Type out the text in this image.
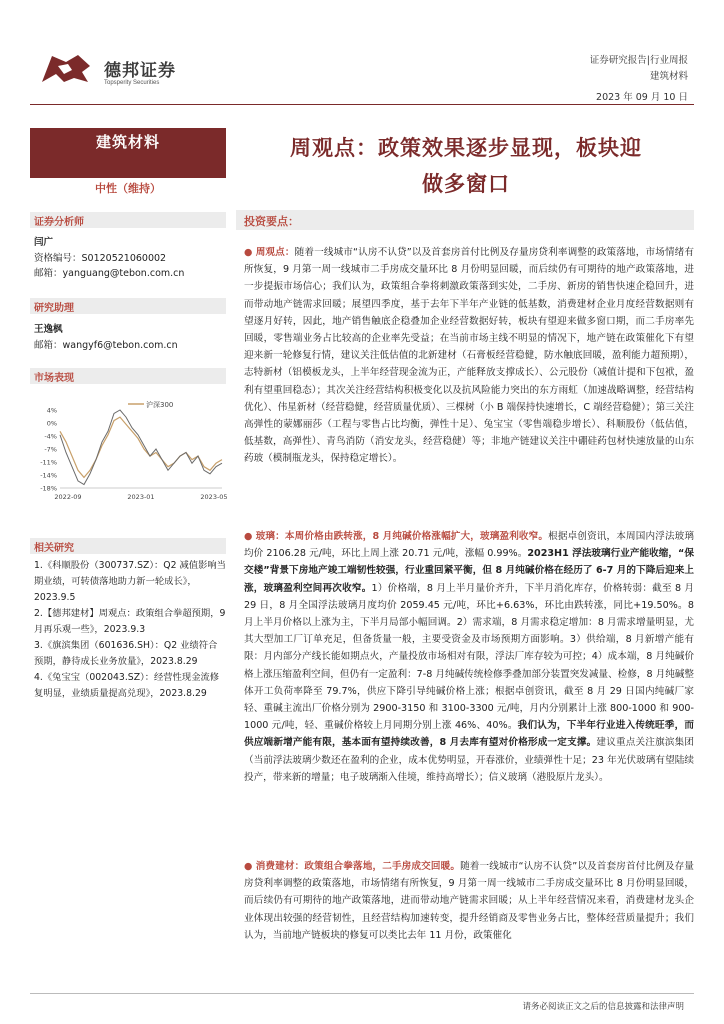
德邦证券
Topsperity Securities
证券研究报告|行业周报
建筑材料
2023 年 09 月 10 日
建筑材料
中性（维持）
证券分析师
闫广
资格编号：S0120521060002
邮箱：yanguang@tebon.com.cn
研究助理
王逸枫
邮箱：wangyf6@tebon.com.cn
市场表现
4%
0%
-4%
-7%
-11%
-14%
-18%
2022-09	2023-01	2023-05
沪深300
相关研究
1.《科顺股份（300737.SZ）：Q2 减值影响当期业绩，可转债落地助力新一轮成长》，2023.9.5
2.【德邦建材】周观点：政策组合拳超预期，9 月再乐观一些》，2023.9.3
3.《旗滨集团（601636.SH）：Q2 业绩符合预期，静待成长业务放量》，2023.8.29
4.《兔宝宝（002043.SZ）：经营性现金流修复明显，业绩质量提高兑现》，2023.8.29
周观点：政策效果逐步显现，板块迎
做多窗口
投资要点：
● 周观点：随着一线城市“认房不认贷”以及首套房首付比例及存量房贷利率调整的政策落地，市场情绪有所恢复，9 月第一周一线城市二手房成交量环比 8 月份明显回暖，而后续仍有可期待的地产政策落地，进一步提振市场信心；我们认为，政策组合拳将刺激政策落到实处，二手房、新房的销售快速企稳回升，进而带动地产链需求回暖；展望四季度，基于去年下半年产业链的低基数，消费建材企业月度经营数据则有望逐月好转，因此，地产销售触底企稳叠加企业经营数据好转，板块有望迎来做多窗口期，而二手房率先回暖，零售端业务占比较高的企业率先受益；在当前市场主线不明显的情况下，地产链在政策催化下有望迎来新一轮修复行情，建议关注低估值的北新建材（石膏板经营稳健，防水触底回暖，盈利能力超预期），志特新材（铝模板龙头，上半年经营现金流为正，产能释放支撑成长）、公元股份（减值计提和下包袱，盈利有望重回稳态）；其次关注经营结构积极变化以及抗风险能力突出的东方雨虹（加速战略调整，经营结构优化）、伟星新材（经营稳健，经营质量优质）、三棵树（小 B 端保持快速增长，C 端经营稳健）；第三关注高弹性的蒙娜丽莎（工程与零售占比均衡，弹性十足）、兔宝宝（零售端稳步增长）、科顺股份（低估值，低基数，高弹性）、青鸟消防（消安龙头，经营稳健）等；非地产链建议关注中硼硅药包材快速放量的山东药玻（模制瓶龙头，保持稳定增长）。
● 玻璃：本周价格由跌转涨，8 月纯碱价格涨幅扩大，玻璃盈利收窄。根据卓创资讯，本周国内浮法玻璃均价 2106.28 元/吨，环比上周上涨 20.71 元/吨，涨幅 0.99%。2023H1 浮法玻璃行业产能收缩，“保交楼”背景下房地产竣工端韧性较强，行业重回紧平衡，但 8 月纯碱价格在经历了 6-7 月的下降后迎来上涨，玻璃盈利空间再次收窄。1）价格端，8 月上半月量价齐升，下半月消化库存，价格转弱：截至 8 月 29 日，8 月全国浮法玻璃月度均价 2059.45 元/吨，环比+6.63%，环比由跌转涨，同比+19.50%。8 月上半月价格以上涨为主，下半月局部小幅回调。2）需求端，8 月需求稳定增加：8 月需求增量明显，尤其大型加工厂订单充足，但备货量一般，主要受资金及市场预期方面影响。3）供给端，8 月新增产能有限：月内部分产线长能如期点火，产量投放市场相对有限，浮法厂库存较为可控；4）成本端，8 月纯碱价格上涨压缩盈利空间，但仍有一定盈利：7-8 月纯碱传统检修季叠加部分装置突发减量、检修，8 月纯碱整体开工负荷率降至 79.7%，供应下降引导纯碱价格上涨；根据卓创资讯，截至 8 月 29 日国内纯碱厂家轻、重碱主流出厂价格分别为 2900-3150 和 3100-3300 元/吨，月内分别累计上涨 800-1000 和 900-1000 元/吨，轻、重碱价格较上月同期分别上涨 46%、40%。我们认为，下半年行业进入传统旺季，而供应端新增产能有限，基本面有望持续改善，8 月去库有望对价格形成一定支撑。建议重点关注旗滨集团（当前浮法玻璃少数还在盈利的企业，成本优势明显，开春涨价，业绩弹性十足；23 年光伏玻璃有望陆续投产，带来新的增量；电子玻璃渐入佳境，维持高增长）；信义玻璃（港股原片龙头）。
● 消费建材：政策组合拳落地，二手房成交回暖。随着一线城市“认房不认贷”以及首套房首付比例及存量房贷利率调整的政策落地，市场情绪有所恢复，9 月第一周一线城市二手房成交量环比 8 月份明显回暖，而后续仍有可期待的地产政策落地，进而带动地产链需求回暖；从上半年经营情况来看，消费建材龙头企业体现出较强的经营韧性，且经营结构加速转变，提升经销商及零售业务占比，整体经营质量提升；我们认为，当前地产链板块的修复可以类比去年 11 月份，政策催化
请务必阅读正文之后的信息披露和法律声明
